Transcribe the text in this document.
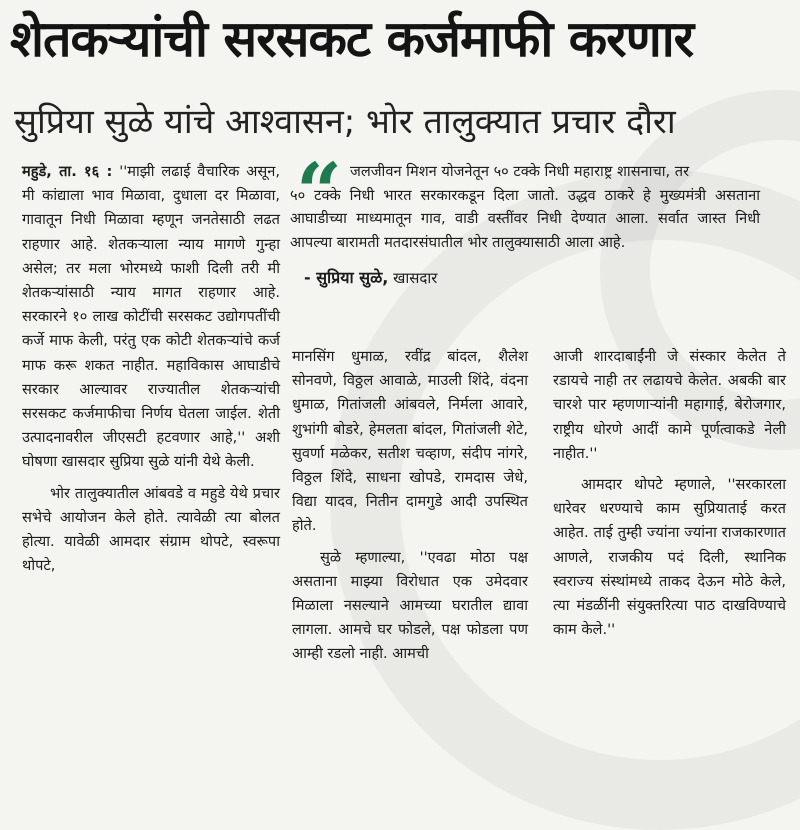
शेतकऱ्यांची सरसकट कर्जमाफी करणार
सुप्रिया सुळे यांचे आश्वासन; भोर तालुक्यात प्रचार दौरा

महुडे, ता. १६ : ''माझी लढाई वैचारिक असून, मी कांद्याला भाव मिळावा, दुधाला दर मिळावा, गावातून निधी मिळावा म्हणून जनतेसाठी लढत राहणार आहे. शेतकऱ्याला न्याय मागणे गुन्हा असेल; तर मला भोरमध्ये फाशी दिली तरी मी शेतकऱ्यांसाठी न्याय मागत राहणार आहे. सरकारने १० लाख कोटींची सरसकट उद्योगपतींची कर्जे माफ केली, परंतु एक कोटी शेतकऱ्यांचे कर्ज माफ करू शकत नाहीत. महाविकास आघाडीचे सरकार आल्यावर राज्यातील शेतकऱ्यांची सरसकट कर्जमाफीचा निर्णय घेतला जाईल. शेती उत्पादनावरील जीएसटी हटवणार आहे,'' अशी घोषणा खासदार सुप्रिया सुळे यांनी येथे केली.

भोर तालुक्यातील आंबवडे व महुडे येथे प्रचार सभेचे आयोजन केले होते. त्यावेळी त्या बोलत होत्या. यावेळी आमदार संग्राम थोपटे, स्वरूपा थोपटे,

“ जलजीवन मिशन योजनेतून ५० टक्के निधी महाराष्ट्र शासनाचा, तर
५० टक्के निधी भारत सरकारकडून दिला जातो. उद्धव ठाकरे हे मुख्यमंत्री असताना आघाडीच्या माध्यमातून गाव, वाडी वस्तींवर निधी देण्यात आला. सर्वात जास्त निधी आपल्या बारामती मतदारसंघातील भोर तालुक्यासाठी आला आहे.
- सुप्रिया सुळे, खासदार

मानसिंग धुमाळ, रवींद्र बांदल, शैलेश सोनवणे, विठ्ठल आवाळे, माउली शिंदे, वंदना धुमाळ, गितांजली आंबवले, निर्मला आवारे, शुभांगी बोडरे, हेमलता बांदल, गितांजली शेटे, सुवर्णा मळेकर, सतीश चव्हाण, संदीप नांगरे, विठ्ठल शिंदे, साधना खोपडे, रामदास जेधे, विद्या यादव, नितीन दामगुडे आदी उपस्थित होते.

सुळे म्हणाल्या, ''एवढा मोठा पक्ष असताना माझ्या विरोधात एक उमेदवार मिळाला नसल्याने आमच्या घरातील द्यावा लागला. आमचे घर फोडले, पक्ष फोडला पण आम्ही रडलो नाही. आमची

आजी शारदाबाईंनी जे संस्कार केलेत ते रडायचे नाही तर लढायचे केलेत. अबकी बार चारशे पार म्हणणाऱ्यांनी महागाई, बेरोजगार, राष्ट्रीय धोरणे आदीं कामे पूर्णत्वाकडे नेली नाहीत.''

आमदार थोपटे म्हणाले, ''सरकारला धारेवर धरण्याचे काम सुप्रियाताई करत आहेत. ताई तुम्ही ज्यांना ज्यांना राजकारणात आणले, राजकीय पदं दिली, स्थानिक स्वराज्य संस्थांमध्ये ताकद देऊन मोठे केले, त्या मंडळींनी संयुक्तरित्या पाठ दाखविण्याचे काम केले.''
